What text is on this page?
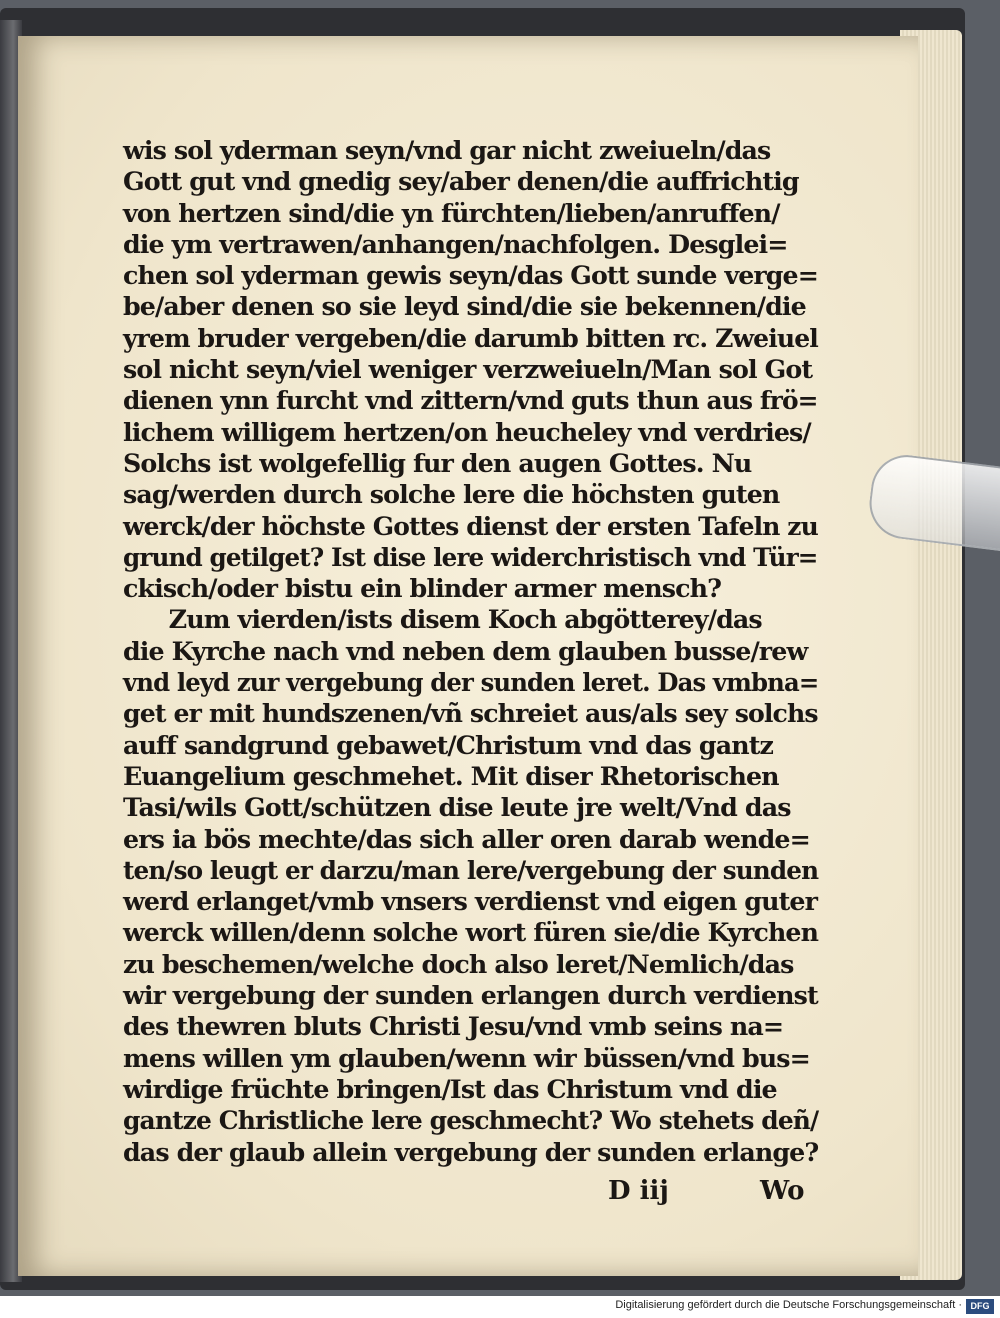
wis sol yderman seyn/vnd gar nicht zweiueln/das
Gott gut vnd gnedig sey/aber denen/die auffrichtig
von hertzen sind/die yn fürchten/lieben/anruffen/
die ym vertrawen/anhangen/nachfolgen. Desglei=
chen sol yderman gewis seyn/das Gott sunde verge=
be/aber denen so sie leyd sind/die sie bekennen/die
yrem bruder vergeben/die darumb bitten rc. Zweiuel
sol nicht seyn/viel weniger verzweiueln/Man sol Got
dienen ynn furcht vnd zittern/vnd guts thun aus frö=
lichem willigem hertzen/on heucheley vnd verdries/
Solchs ist wolgefellig fur den augen Gottes. Nu
sag/werden durch solche lere die höchsten guten
werck/der höchste Gottes dienst der ersten Tafeln zu
grund getilget? Ist dise lere widerchristisch vnd Tür=
ckisch/oder bistu ein blinder armer mensch?
Zum vierden/ists disem Koch abgötterey/das
die Kyrche nach vnd neben dem glauben busse/rew
vnd leyd zur vergebung der sunden leret. Das vmbna=
get er mit hundszenen/vñ schreiet aus/als sey solchs
auff sandgrund gebawet/Christum vnd das gantz
Euangelium geschmehet. Mit diser Rhetorischen
Tasi/wils Gott/schützen dise leute jre welt/Vnd das
ers ia bös mechte/das sich aller oren darab wende=
ten/so leugt er darzu/man lere/vergebung der sunden
werd erlanget/vmb vnsers verdienst vnd eigen guter
werck willen/denn solche wort füren sie/die Kyrchen
zu beschemen/welche doch also leret/Nemlich/das
wir vergebung der sunden erlangen durch verdienst
des thewren bluts Christi Jesu/vnd vmb seins na=
mens willen ym glauben/wenn wir büssen/vnd bus=
wirdige früchte bringen/Ist das Christum vnd die
gantze Christliche lere geschmecht? Wo stehets deñ/
das der glaub allein vergebung der sunden erlange?
D iij	Wo
Digitalisierung gefördert durch die Deutsche Forschungsgemeinschaft · DFG
